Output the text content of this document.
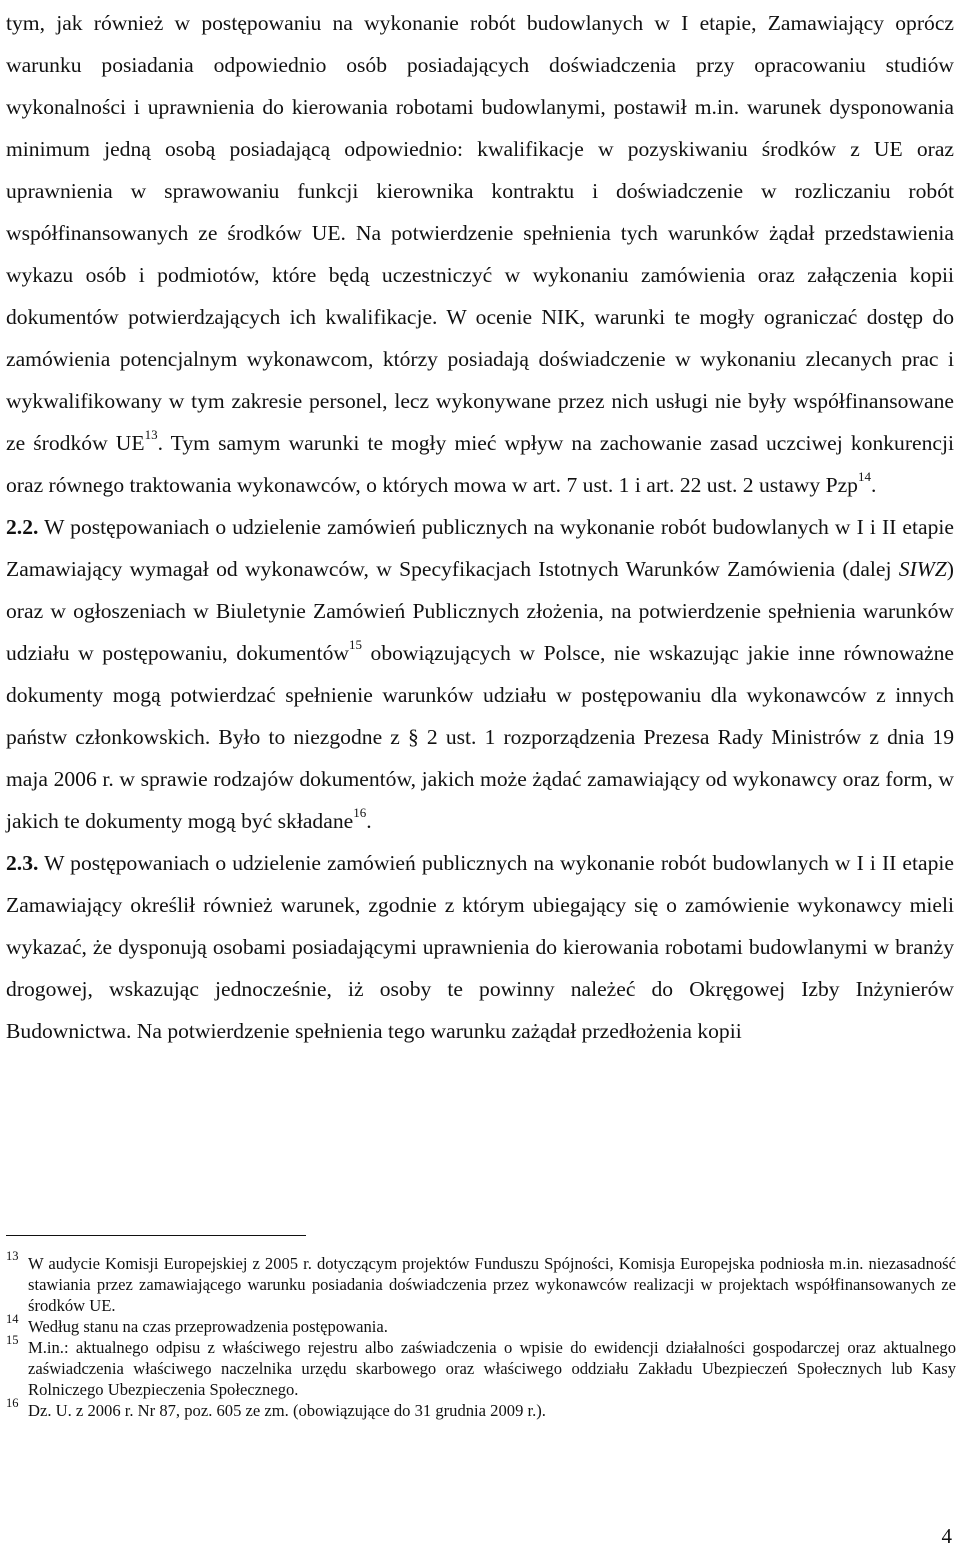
tym, jak również w postępowaniu na wykonanie robót budowlanych w I etapie, Zamawiający oprócz warunku posiadania odpowiednio osób posiadających doświadczenia przy opracowaniu studiów wykonalności i uprawnienia do kierowania robotami budowlanymi, postawił m.in. warunek dysponowania minimum jedną osobą posiadającą odpowiednio: kwalifikacje w pozyskiwaniu środków z UE oraz uprawnienia w sprawowaniu funkcji kierownika kontraktu i doświadczenie w rozliczaniu robót współfinansowanych ze środków UE. Na potwierdzenie spełnienia tych warunków żądał przedstawienia wykazu osób i podmiotów, które będą uczestniczyć w wykonaniu zamówienia oraz załączenia kopii dokumentów potwierdzających ich kwalifikacje. W ocenie NIK, warunki te mogły ograniczać dostęp do zamówienia potencjalnym wykonawcom, którzy posiadają doświadczenie w wykonaniu zlecanych prac i wykwalifikowany w tym zakresie personel, lecz wykonywane przez nich usługi nie były współfinansowane ze środków UE$^{13}$. Tym samym warunki te mogły mieć wpływ na zachowanie zasad uczciwej konkurencji oraz równego traktowania wykonawców, o których mowa w art. 7 ust. 1 i art. 22 ust. 2 ustawy Pzp$^{14}$.

2.2. W postępowaniach o udzielenie zamówień publicznych na wykonanie robót budowlanych w I i II etapie Zamawiający wymagał od wykonawców, w Specyfikacjach Istotnych Warunków Zamówienia (dalej SIWZ) oraz w ogłoszeniach w Biuletynie Zamówień Publicznych złożenia, na potwierdzenie spełnienia warunków udziału w postępowaniu, dokumentów$^{15}$ obowiązujących w Polsce, nie wskazując jakie inne równoważne dokumenty mogą potwierdzać spełnienie warunków udziału w postępowaniu dla wykonawców z innych państw członkowskich. Było to niezgodne z § 2 ust. 1 rozporządzenia Prezesa Rady Ministrów z dnia 19 maja 2006 r. w sprawie rodzajów dokumentów, jakich może żądać zamawiający od wykonawcy oraz form, w jakich te dokumenty mogą być składane$^{16}$.

2.3. W postępowaniach o udzielenie zamówień publicznych na wykonanie robót budowlanych w I i II etapie Zamawiający określił również warunek, zgodnie z którym ubiegający się o zamówienie wykonawcy mieli wykazać, że dysponują osobami posiadającymi uprawnienia do kierowania robotami budowlanymi w branży drogowej, wskazując jednocześnie, iż osoby te powinny należeć do Okręgowej Izby Inżynierów Budownictwa. Na potwierdzenie spełnienia tego warunku zażądał przedłożenia kopii

13 W audycie Komisji Europejskiej z 2005 r. dotyczącym projektów Funduszu Spójności, Komisja Europejska podniosła m.in. niezasadność stawiania przez zamawiającego warunku posiadania doświadczenia przez wykonawców realizacji w projektach współfinansowanych ze środków UE.
14 Według stanu na czas przeprowadzenia postępowania.
15 M.in.: aktualnego odpisu z właściwego rejestru albo zaświadczenia o wpisie do ewidencji działalności gospodarczej oraz aktualnego zaświadczenia właściwego naczelnika urzędu skarbowego oraz właściwego oddziału Zakładu Ubezpieczeń Społecznych lub Kasy Rolniczego Ubezpieczenia Społecznego.
16 Dz. U. z 2006 r. Nr 87, poz. 605 ze zm. (obowiązujące do 31 grudnia 2009 r.).
4
